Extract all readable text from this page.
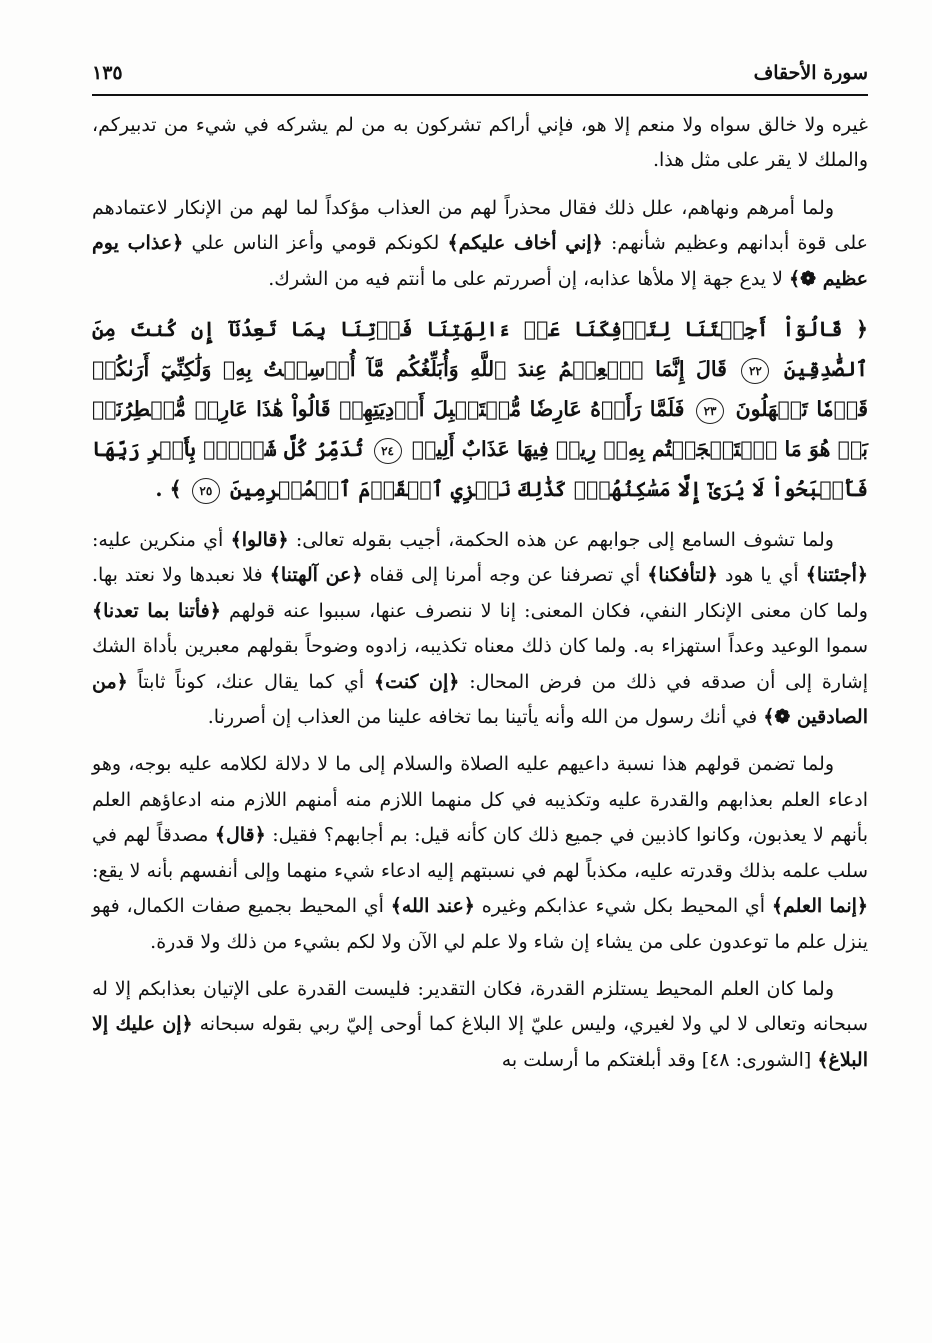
سورة الأحقاف
١٣٥

غيره ولا خالق سواه ولا منعم إلا هو، فإني أراكم تشركون به من لم يشركه في شيء من تدبيركم، والملك لا يقر على مثل هذا.

ولما أمرهم ونهاهم، علل ذلك فقال محذراً لهم من العذاب مؤكداً لما لهم من الإنكار لاعتمادهم على قوة أبدانهم وعظيم شأنهم: ﴿إني أخاف عليكم﴾ لكونكم قومي وأعز الناس علي ﴿عذاب يوم عظيم ❁﴾ لا يدع جهة إلا ملأها عذابه، إن أصررتم على ما أنتم فيه من الشرك.

﴿ قَالُوٓاْ أَجِئۡتَنَا لِتَأۡفِكَنَا عَنۡ ءَالِهَتِنَا فَأۡتِنَا بِمَا تَعِدُنَآ إِن كُنتَ مِنَ ٱلصَّٰدِقِينَ ٢٢ قَالَ إِنَّمَا ٱلۡعِلۡمُ عِندَ ٱللَّهِ وَأُبَلِّغُكُم مَّآ أُرۡسِلۡتُ بِهِۦ وَلَٰكِنِّيٓ أَرَىٰكُمۡ قَوۡمٗا تَجۡهَلُونَ ٢٣ فَلَمَّا رَأَوۡهُ عَارِضٗا مُّسۡتَقۡبِلَ أَوۡدِيَتِهِمۡ قَالُواْ هَٰذَا عَارِضٞ مُّمۡطِرُنَاۚ بَلۡ هُوَ مَا ٱسۡتَعۡجَلۡتُم بِهِۦۖ رِيحٞ فِيهَا عَذَابٌ أَلِيمٞ ٢٤ تُدَمِّرُ كُلَّ شَيۡءِۭ بِأَمۡرِ رَبِّهَا فَأَصۡبَحُواْ لَا يُرَىٰٓ إِلَّا مَسَٰكِنُهُمۡۚ كَذَٰلِكَ نَجۡزِي ٱلۡقَوۡمَ ٱلۡمُجۡرِمِينَ ٢٥ ﴾ .

ولما تشوف السامع إلى جوابهم عن هذه الحكمة، أجيب بقوله تعالى: ﴿قالوا﴾ أي منكرين عليه: ﴿أجئتنا﴾ أي يا هود ﴿لتأفكنا﴾ أي تصرفنا عن وجه أمرنا إلى قفاه ﴿عن آلهتنا﴾ فلا نعبدها ولا نعتد بها. ولما كان معنى الإنكار النفي، فكان المعنى: إنا لا ننصرف عنها، سببوا عنه قولهم ﴿فأتنا بما تعدنا﴾ سموا الوعيد وعداً استهزاء به. ولما كان ذلك معناه تكذيبه، زادوه وضوحاً بقولهم معبرين بأداة الشك إشارة إلى أن صدقه في ذلك من فرض المحال: ﴿إن كنت﴾ أي كما يقال عنك، كوناً ثابتاً ﴿من الصادقين ❁﴾ في أنك رسول من الله وأنه يأتينا بما تخافه علينا من العذاب إن أصررنا.

ولما تضمن قولهم هذا نسبة داعيهم عليه الصلاة والسلام إلى ما لا دلالة لكلامه عليه بوجه، وهو ادعاء العلم بعذابهم والقدرة عليه وتكذيبه في كل منهما اللازم منه أمنهم اللازم منه ادعاؤهم العلم بأنهم لا يعذبون، وكانوا كاذبين في جميع ذلك كان كأنه قيل: بم أجابهم؟ فقيل: ﴿قال﴾ مصدقاً لهم في سلب علمه بذلك وقدرته عليه، مكذباً لهم في نسبتهم إليه ادعاء شيء منهما وإلى أنفسهم بأنه لا يقع: ﴿إنما العلم﴾ أي المحيط بكل شيء عذابكم وغيره ﴿عند الله﴾ أي المحيط بجميع صفات الكمال، فهو ينزل علم ما توعدون على من يشاء إن شاء ولا علم لي الآن ولا لكم بشيء من ذلك ولا قدرة.

ولما كان العلم المحيط يستلزم القدرة، فكان التقدير: فليست القدرة على الإتيان بعذابكم إلا له سبحانه وتعالى لا لي ولا لغيري، وليس عليّ إلا البلاغ كما أوحى إليّ ربي بقوله سبحانه ﴿إن عليك إلا البلاغ﴾ [الشورى: ٤٨] وقد أبلغتكم ما أرسلت به
